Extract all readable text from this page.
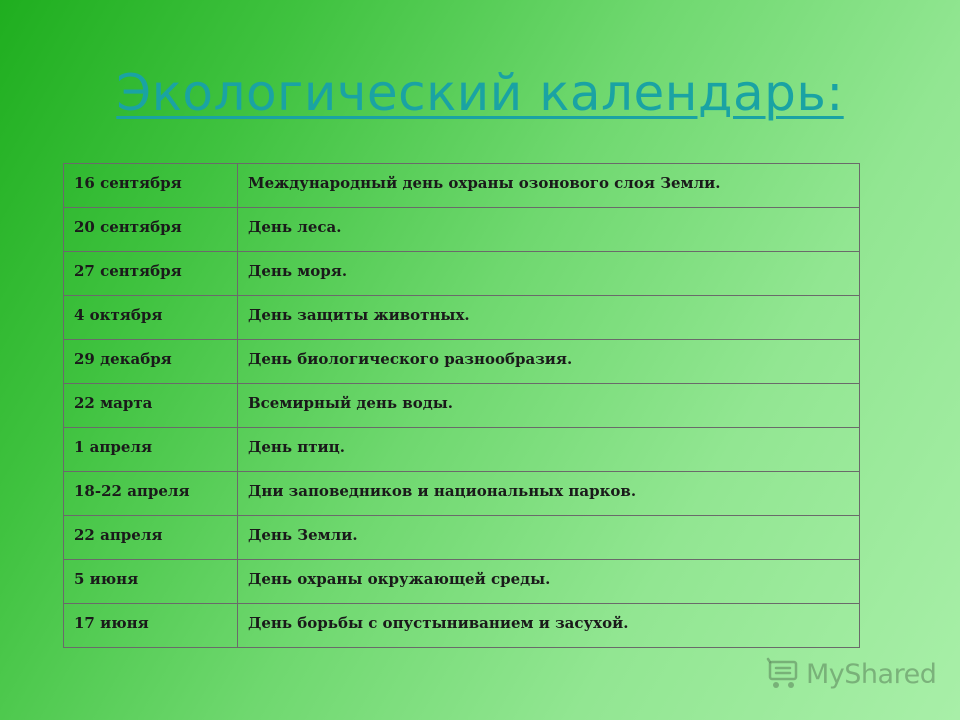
Экологический календарь:
16 сентября	Международный день охраны озонового слоя Земли.
20 сентября	День леса.
27 сентября	День моря.
4 октября	День защиты животных.
29 декабря	День биологического разнообразия.
22 марта	Всемирный день воды.
1 апреля	День птиц.
18-22 апреля	Дни заповедников и национальных парков.
22 апреля	День Земли.
5 июня	День охраны окружающей среды.
17 июня	День борьбы с опустыниванием и засухой.
MyShared
